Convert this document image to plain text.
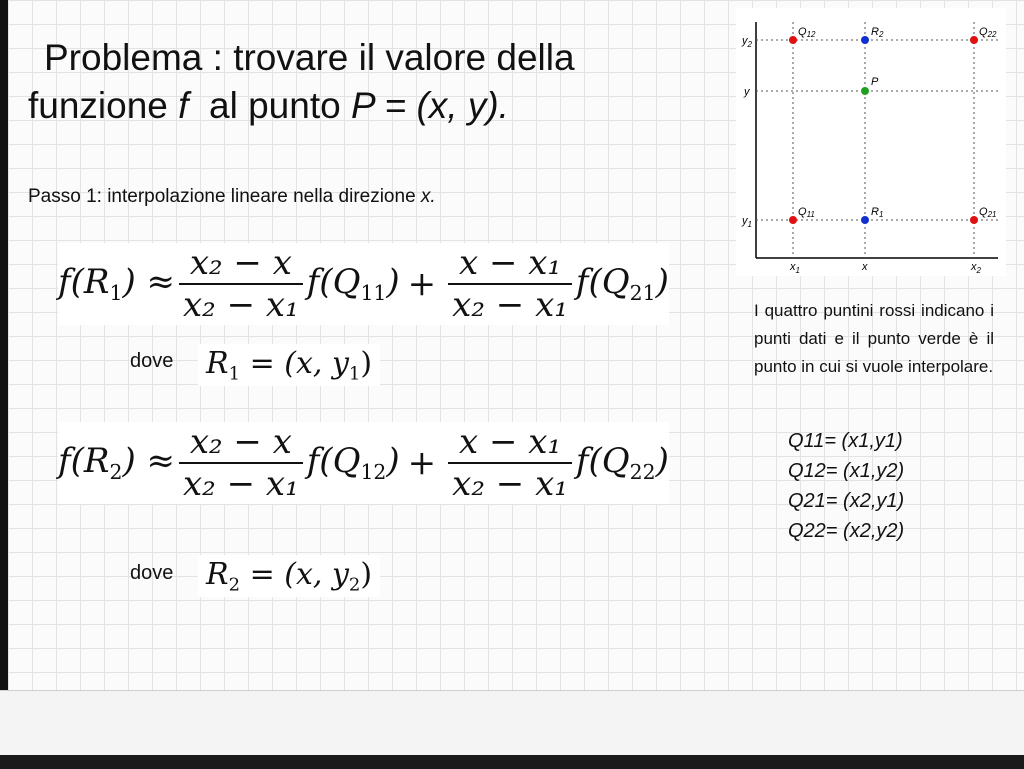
Problema : trovare il valore della
funzione f  al punto P = (x, y).
Passo 1: interpolazione lineare nella direzione x.
$f(R_1) \approx \frac{\text{x₂ − x}}{\text{x₂ − x₁}} f(Q_{11}) + \frac{\text{x − x₁}}{\text{x₂ − x₁}} f(Q_{21})$
dove $R_1 = (x$, $y_1$)
$f(R_2) \approx \frac{\text{x₂ − x}}{\text{x₂ − x₁}} f(Q_{12}) + \frac{\text{x − x₁}}{\text{x₂ − x₁}} f(Q_{22})$
dove $R_2 = (x$, $y_2$)
$y_2$
y
$y_1$
$x_1$	x	$x_2$
Q12	R2	Q22
P
Q11	R1	Q21
I quattro puntini rossi indicano i punti dati e il punto verde è il punto in cui si vuole interpolare.
Q11= (x1,y1)
Q12= (x1,y2)
Q21= (x2,y1)
Q22= (x2,y2)
